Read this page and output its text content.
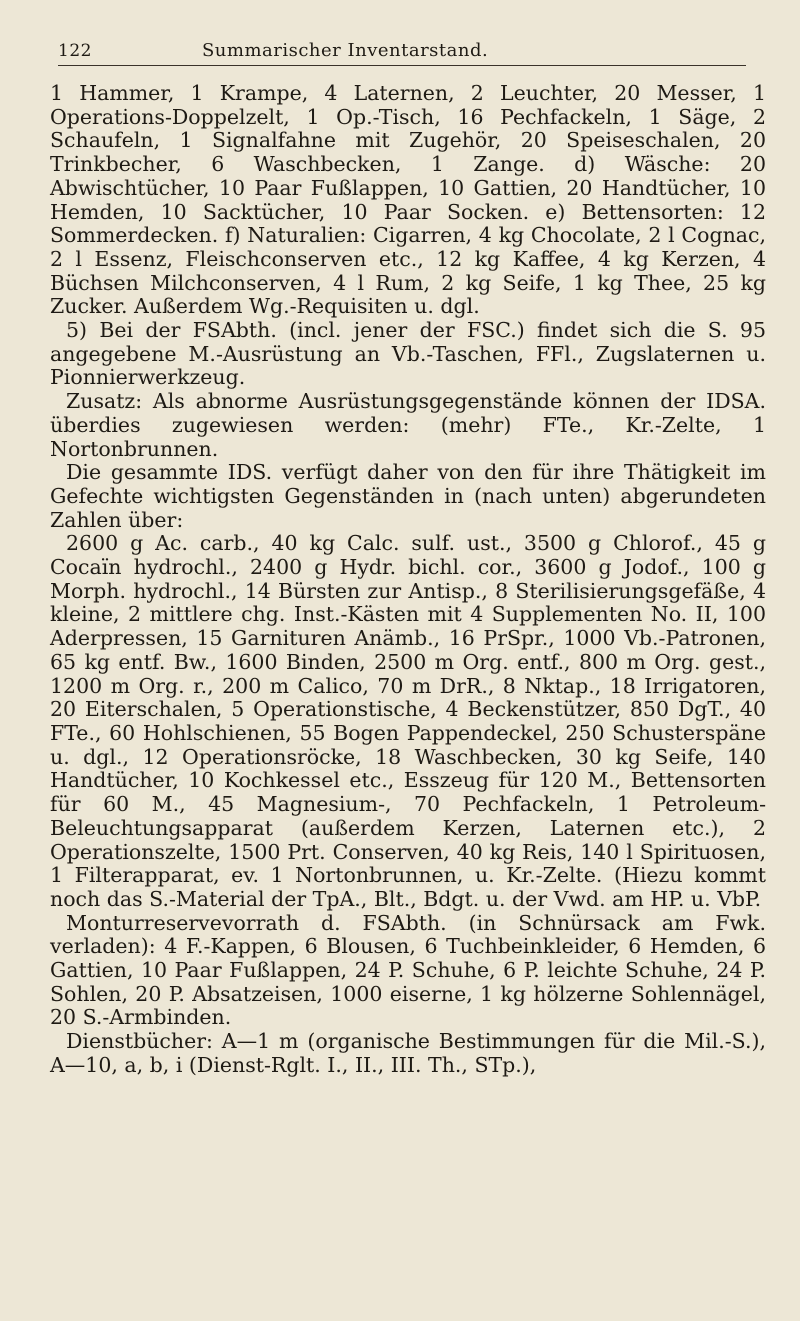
122	Summarischer Inventarstand.

1 Hammer, 1 Krampe, 4 Laternen, 2 Leuchter, 20 Messer, 1 Operations-Doppelzelt, 1 Op.-Tisch, 16 Pechfackeln, 1 Säge, 2 Schaufeln, 1 Signalfahne mit Zugehör, 20 Speiseschalen, 20 Trinkbecher, 6 Waschbecken, 1 Zange. d) Wäsche: 20 Abwischtücher, 10 Paar Fußlappen, 10 Gattien, 20 Handtücher, 10 Hemden, 10 Sacktücher, 10 Paar Socken. e) Bettensorten: 12 Sommerdecken. f) Naturalien: Cigarren, 4 kg Chocolate, 2 l Cognac, 2 l Essenz, Fleischconserven etc., 12 kg Kaffee, 4 kg Kerzen, 4 Büchsen Milchconserven, 4 l Rum, 2 kg Seife, 1 kg Thee, 25 kg Zucker. Außerdem Wg.-Requisiten u. dgl.

5) Bei der FSAbth. (incl. jener der FSC.) findet sich die S. 95 angegebene M.-Ausrüstung an Vb.-Taschen, FFl., Zugslaternen u. Pionnierwerkzeug.

Zusatz: Als abnorme Ausrüstungsgegenstände können der IDSA. überdies zugewiesen werden: (mehr) FTe., Kr.-Zelte, 1 Nortonbrunnen.

Die gesammte IDS. verfügt daher von den für ihre Thätigkeit im Gefechte wichtigsten Gegenständen in (nach unten) abgerundeten Zahlen über:

2600 g Ac. carb., 40 kg Calc. sulf. ust., 3500 g Chlorof., 45 g Cocaïn hydrochl., 2400 g Hydr. bichl. cor., 3600 g Jodof., 100 g Morph. hydrochl., 14 Bürsten zur Antisp., 8 Sterilisierungsgefäße, 4 kleine, 2 mittlere chg. Inst.-Kästen mit 4 Supplementen No. II, 100 Aderpressen, 15 Garnituren Anämb., 16 PrSpr., 1000 Vb.-Patronen, 65 kg entf. Bw., 1600 Binden, 2500 m Org. entf., 800 m Org. gest., 1200 m Org. r., 200 m Calico, 70 m DrR., 8 Nktap., 18 Irrigatoren, 20 Eiterschalen, 5 Operationstische, 4 Beckenstützer, 850 DgT., 40 FTe., 60 Hohlschienen, 55 Bogen Pappendeckel, 250 Schusterspäne u. dgl., 12 Operationsröcke, 18 Waschbecken, 30 kg Seife, 140 Handtücher, 10 Kochkessel etc., Esszeug für 120 M., Bettensorten für 60 M., 45 Magnesium-, 70 Pechfackeln, 1 Petroleum-Beleuchtungsapparat (außerdem Kerzen, Laternen etc.), 2 Operationszelte, 1500 Prt. Conserven, 40 kg Reis, 140 l Spirituosen, 1 Filterapparat, ev. 1 Nortonbrunnen, u. Kr.-Zelte. (Hiezu kommt noch das S.-Material der TpA., Blt., Bdgt. u. der Vwd. am HP. u. VbP.

Monturreservevorrath d. FSAbth. (in Schnürsack am Fwk. verladen): 4 F.-Kappen, 6 Blousen, 6 Tuchbeinkleider, 6 Hemden, 6 Gattien, 10 Paar Fußlappen, 24 P. Schuhe, 6 P. leichte Schuhe, 24 P. Sohlen, 20 P. Absatzeisen, 1000 eiserne, 1 kg hölzerne Sohlennägel, 20 S.-Armbinden.

Dienstbücher: A—1 m (organische Bestimmungen für die Mil.-S.), A—10, a, b, i (Dienst-Rglt. I., II., III. Th., STp.),
